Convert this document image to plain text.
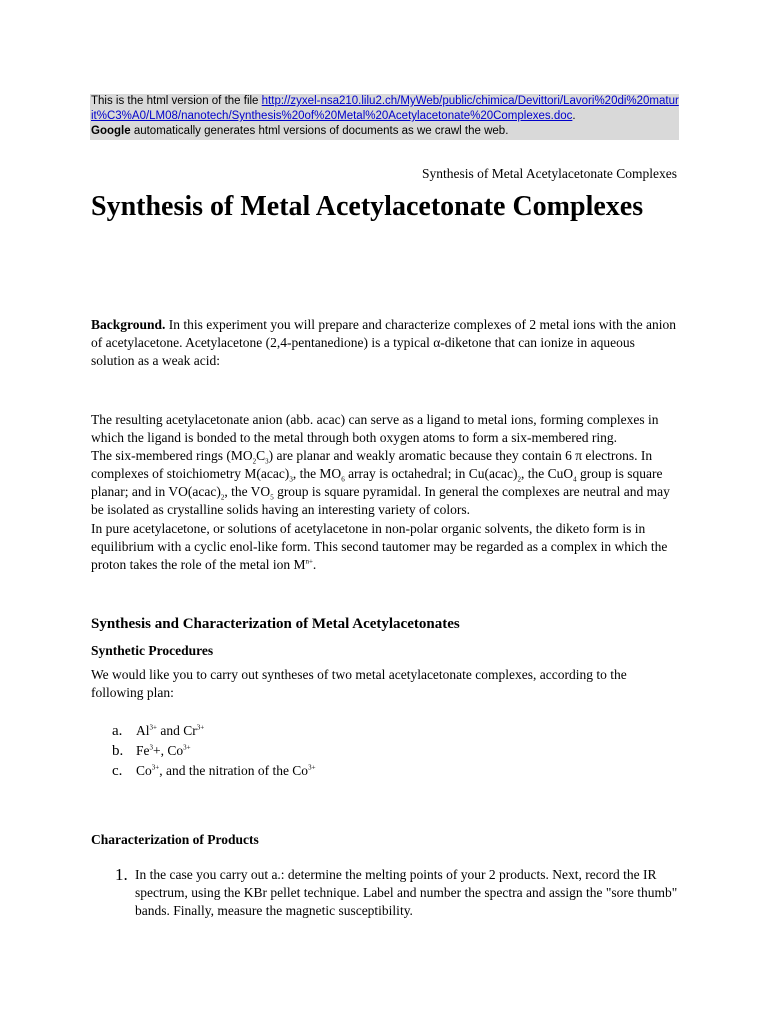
This is the html version of the file http://zyxel-nsa210.lilu2.ch/MyWeb/public/chimica/Devittori/Lavori%20di%20maturit%C3%A0/LM08/nanotech/Synthesis%20of%20Metal%20Acetylacetonate%20Complexes.doc.
Google automatically generates html versions of documents as we crawl the web.
Synthesis of Metal Acetylacetonate Complexes
Synthesis of Metal Acetylacetonate Complexes

Background. In this experiment you will prepare and characterize complexes of 2 metal ions with the anion of acetylacetone. Acetylacetone (2,4-pentanedione) is a typical α-diketone that can ionize in aqueous solution as a weak acid:

The resulting acetylacetonate anion (abb. acac) can serve as a ligand to metal ions, forming complexes in which the ligand is bonded to the metal through both oxygen atoms to form a six-membered ring.

The six-membered rings $(MO_2C_3)$ are planar and weakly aromatic because they contain 6 π electrons. In complexes of stoichiometry $M(acac)_3$, the $MO_6$ array is octahedral; in $Cu(acac)_2$, the CuO$_4$ group is square planar; and in $VO(acac)_2$, the $VO_5$ group is square pyramidal. In general the complexes are neutral and may be isolated as crystalline solids having an interesting variety of colors.

In pure acetylacetone, or solutions of acetylacetone in non-polar organic solvents, the diketo form is in equilibrium with a cyclic enol-like form. This second tautomer may be regarded as a complex in which the proton takes the role of the metal ion $M^{n+}$.

Synthesis and Characterization of Metal Acetylacetonates
Synthetic Procedures
We would like you to carry out syntheses of two metal acetylacetonate complexes, according to the following plan:
a.	$Al^{3+}$ and $Cr^{3+}$
b. $Fe^3+$, $Co^{3+}$
c.	$Co^{3+}$, and the nitration of the $Co^{3+}$
Characterization of Products
1. In the case you carry out a.: determine the melting points of your 2 products. Next, record the IR spectrum, using the KBr pellet technique. Label and number the spectra and assign the "sore thumb" bands. Finally, measure the magnetic susceptibility.
